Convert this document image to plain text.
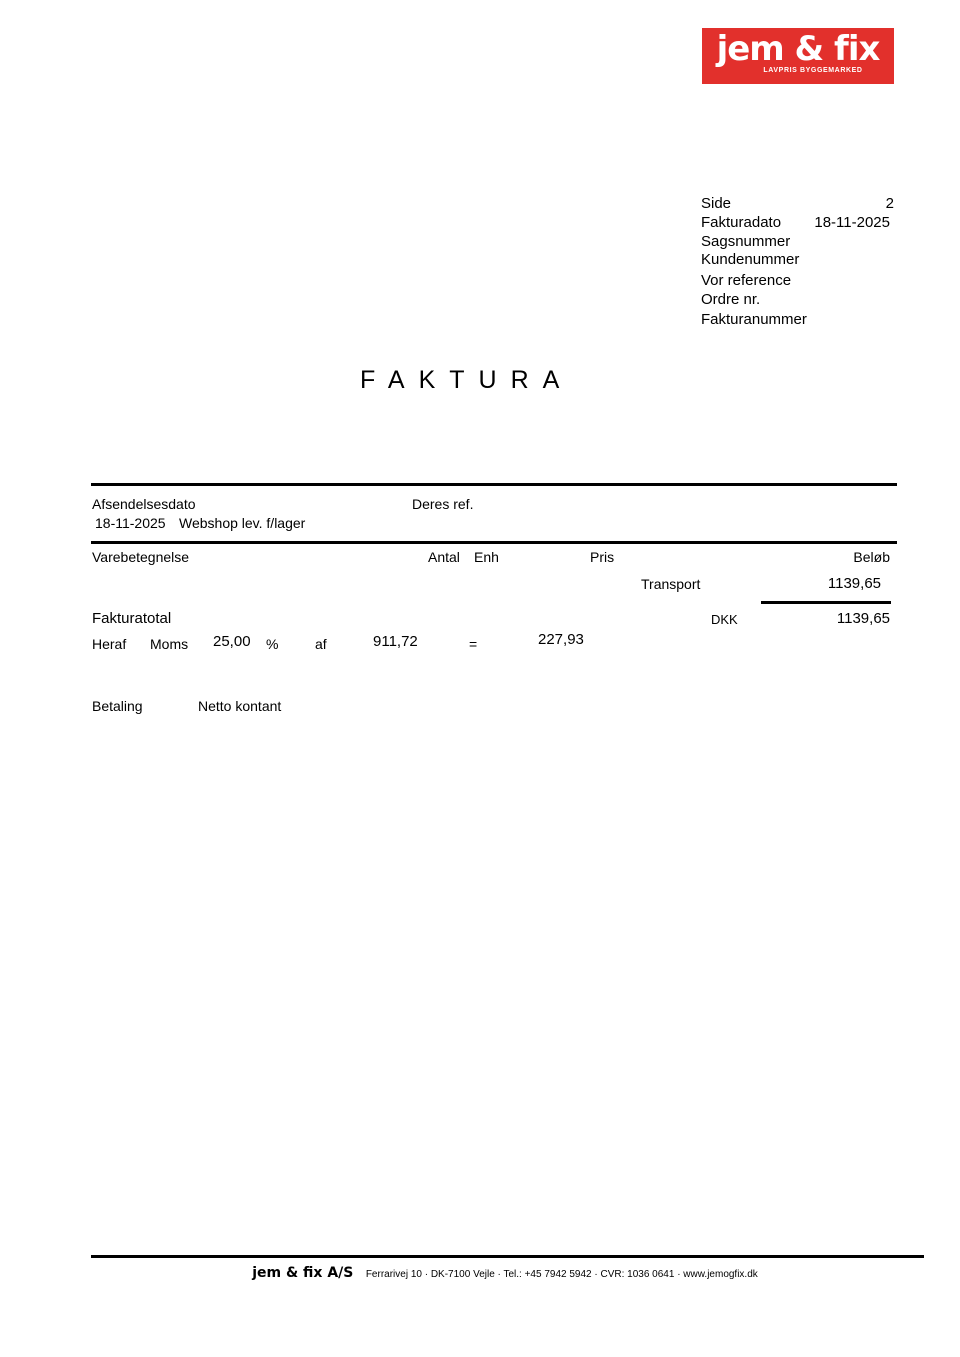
jem & fix
LAVPRIS BYGGEMARKED
Side	2
Fakturadato 18-11-2025
Sagsnummer
Kundenummer
Vor reference
Ordre nr.
Fakturanummer
FAKTURA
Afsendelsesdato	Deres ref.
18-11-2025 Webshop lev. f/lager
Varebetegnelse	Antal Enh	Pris	Beløb
Transport	1139,65
Fakturatotal	DKK	1139,65
Heraf Moms 25,00 %	af	911,72	=	227,93
Betaling	Netto kontant
jem & fix A/S Ferrarivej 10 · DK-7100 Vejle · Tel.: +45 7942 5942 · CVR: 1036 0641 · www.jemogfix.dk
